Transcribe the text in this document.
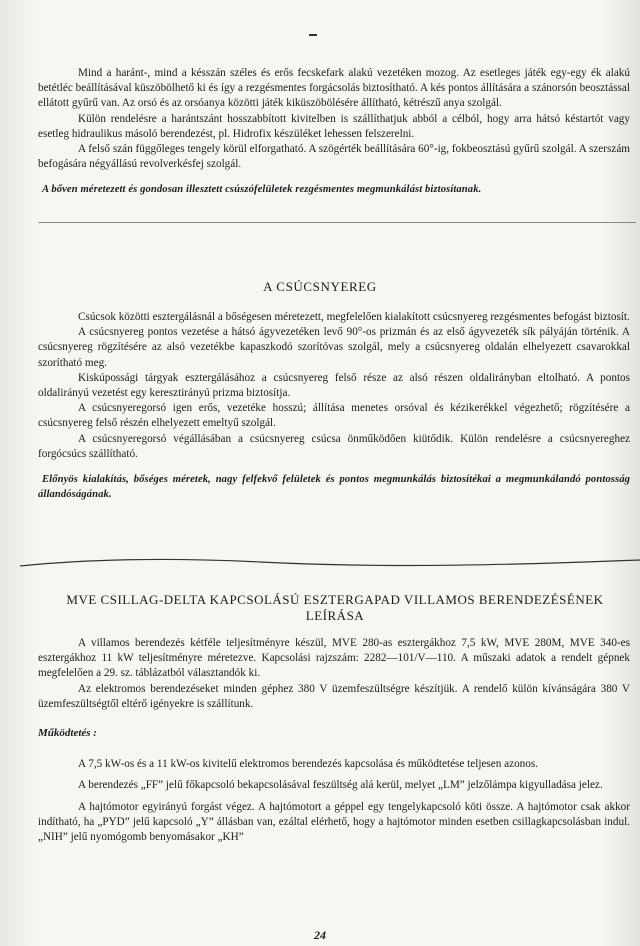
Mind a haránt-, mind a késszán széles és erős fecskefark alakú vezetéken mozog. Az esetleges játék egy-egy ék alakú betétléc beállításával küszöbölhető ki és így a rezgésmentes forgácsolás biztosítható. A kés pontos állítására a szánorsón beosztással ellátott gyűrű van. Az orsó és az orsóanya közötti játék kiküszöbölésére állítható, kétrészű anya szolgál.

Külön rendelésre a harántszánt hosszabbított kivitelben is szállíthatjuk abból a célból, hogy arra hátsó késtartót vagy esetleg hidraulikus másoló berendezést, pl. Hidrofix készüléket lehessen felszerelni.

A felső szán függőleges tengely körül elforgatható. A szögérték beállítására 60°-ig, fokbeosztású gyűrű szolgál. A szerszám befogására négyállású revolverkésfej szolgál.

A bőven méretezett és gondosan illesztett csúszófelületek rezgésmentes megmunkálást biztosítanak.

A CSÚCSNYEREG

Csúcsok közötti esztergálásnál a bőségesen méretezett, megfelelően kialakított csúcsnyereg rezgésmentes befogást biztosít.

A csúcsnyereg pontos vezetése a hátsó ágyvezetéken levő 90°-os prizmán és az első ágyvezeték sík pályáján történik. A csúcsnyereg rögzítésére az alsó vezetékbe kapaszkodó szorítóvas szolgál, mely a csúcsnyereg oldalán elhelyezett csavarokkal szorítható meg.

Kiskúpossági tárgyak esztergálásához a csúcsnyereg felső része az alsó részen oldalirányban eltolható. A pontos oldalirányú vezetést egy keresztirányú prizma biztosítja.

A csúcsnyeregorsó igen erős, vezetéke hosszú; állítása menetes orsóval és kézikerékkel végezhető; rögzítésére a csúcsnyereg felső részén elhelyezett emeltyű szolgál.

A csúcsnyeregorsó végállásában a csúcsnyereg csúcsa önműködően kiütődik. Külön rendelésre a csúcsnyereghez forgócsúcs szállítható.

Előnyös kialakítás, bőséges méretek, nagy felfekvő felületek és pontos megmunkálás biztosítékai a megmunkálandó pontosság állandóságának.

MVE CSILLAG-DELTA KAPCSOLÁSÚ ESZTERGAPAD VILLAMOS BERENDEZÉSÉNEK
LEÍRÁSA

A villamos berendezés kétféle teljesítményre készül, MVE 280-as esztergákhoz 7,5 kW, MVE 280M, MVE 340-es esztergákhoz 11 kW teljesítményre méretezve. Kapcsolási rajzszám: 2282—101/V—110. A műszaki adatok a rendelt gépnek megfelelően a 29. sz. táblázatból választandók ki.

Az elektromos berendezéseket minden géphez 380 V üzemfeszültségre készítjük. A rendelő külön kívánságára 380 V üzemfeszültségtől eltérő igényekre is szállítunk.

Működtetés :

A 7,5 kW-os és a 11 kW-os kivitelű elektromos berendezés kapcsolása és működtetése teljesen azonos.

A berendezés „FF” jelű főkapcsoló bekapcsolásával feszültség alá kerül, melyet „LM” jelzőlámpa kigyulladása jelez.

A hajtómotor egyirányú forgást végez. A hajtómotort a géppel egy tengelykapcsoló köti össze. A hajtómotor csak akkor indítható, ha „PYD” jelű kapcsoló „Y” állásban van, ezáltal elérhető, hogy a hajtómotor minden esetben csillagkapcsolásban indul. „NIH” jelű nyomógomb benyomásakor „KH”

24
